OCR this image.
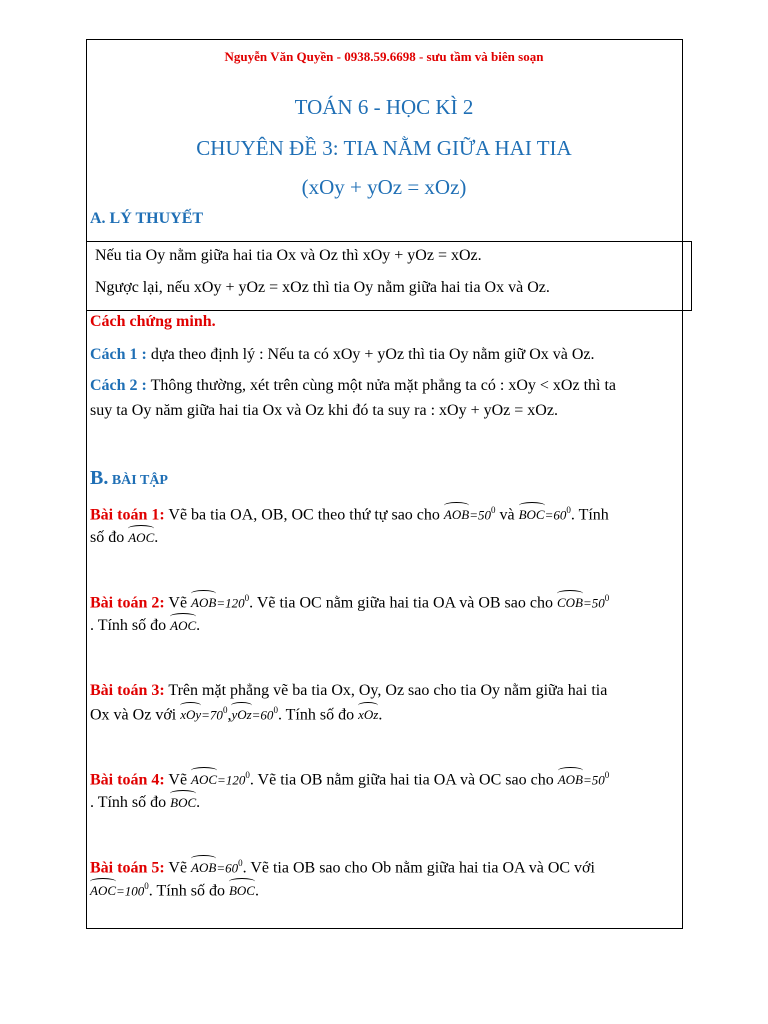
Nguyễn Văn Quyền - 0938.59.6698 - sưu tầm và biên soạn
TOÁN 6 - HỌC KÌ 2
CHUYÊN ĐỀ 3: TIA NẰM GIỮA HAI TIA
(xOy + yOz = xOz)
A. LÝ THUYẾT
Nếu tia Oy nằm giữa hai tia Ox và Oz thì xOy + yOz = xOz.
Ngược lại, nếu xOy + yOz = xOz thì tia Oy nằm giữa hai tia Ox và Oz.
Cách chứng minh.
Cách 1 : dựa theo định lý : Nếu ta có xOy + yOz thì tia Oy nằm giữ Ox và Oz.
Cách 2 : Thông thường, xét trên cùng một nửa mặt phẳng ta có : xOy < xOz thì ta
suy ta Oy năm giữa hai tia Ox và Oz khi đó ta suy ra : xOy + yOz = xOz.
B. BÀI TẬP
Bài toán 1: Vẽ ba tia OA, OB, OC theo thứ tự sao cho $AOB=50^0$ và $BOC=60^0$. Tính
số đo AOC.
Bài toán 2: Vẽ $AOB=120^0$. Vẽ tia OC nằm giữa hai tia OA và OB sao cho $COB=50^0$
. Tính số đo AOC.
Bài toán 3: Trên mặt phẳng vẽ ba tia Ox, Oy, Oz sao cho tia Oy nằm giữa hai tia
Ox và Oz với $xOy=70^0,yOz=60^0$. Tính số đo xOz.
Bài toán 4: Vẽ $AOC=120^0$. Vẽ tia OB nằm giữa hai tia OA và OC sao cho $AOB=50^0$
. Tính số đo BOC.
Bài toán 5: Vẽ $AOB=60^0$. Vẽ tia OB sao cho Ob nằm giữa hai tia OA và OC với
$AOC=100^0$. Tính số đo BOC.
